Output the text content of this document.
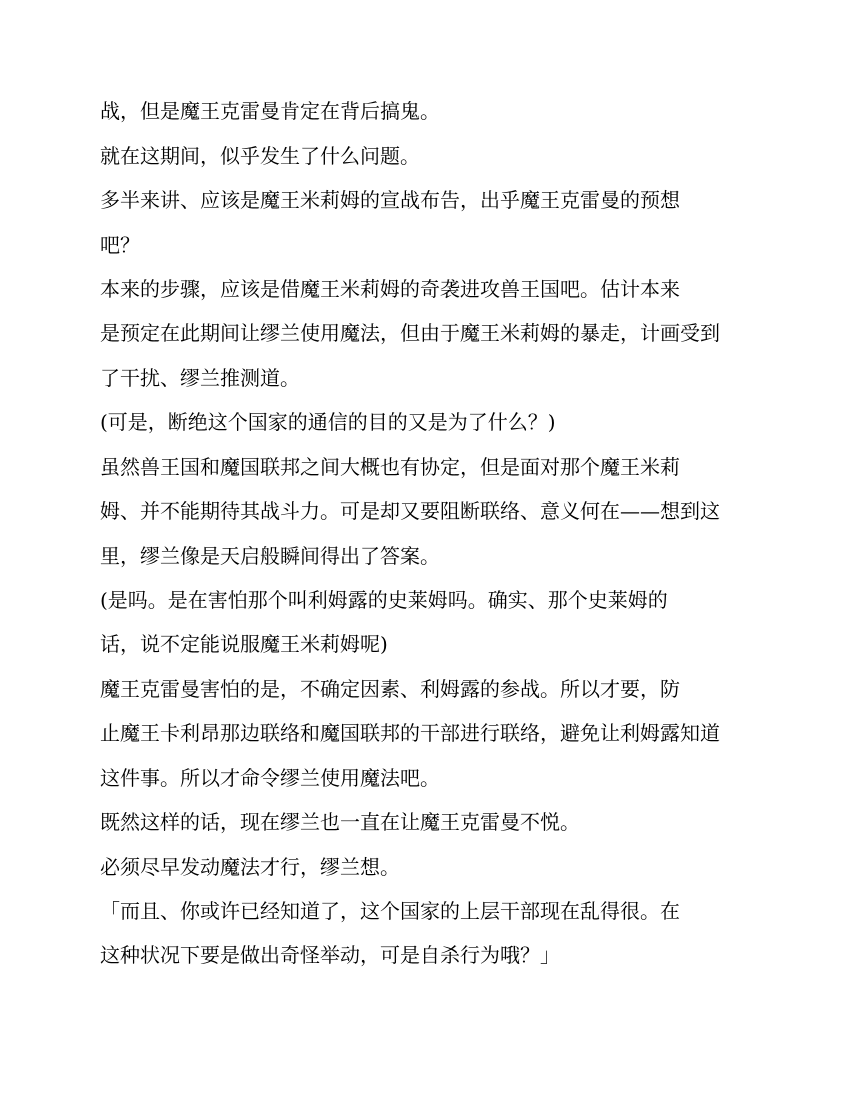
战，但是魔王克雷曼肯定在背后搞鬼。
就在这期间，似乎发生了什么问题。
多半来讲、应该是魔王米莉姆的宣战布告，出乎魔王克雷曼的预想
吧？
本来的步骤，应该是借魔王米莉姆的奇袭进攻兽王国吧。估计本来
是预定在此期间让缪兰使用魔法，但由于魔王米莉姆的暴走，计画受到
了干扰、缪兰推测道。
(可是，断绝这个国家的通信的目的又是为了什么？)
虽然兽王国和魔国联邦之间大概也有协定，但是面对那个魔王米莉
姆、并不能期待其战斗力。可是却又要阻断联络、意义何在——想到这
里，缪兰像是天启般瞬间得出了答案。
(是吗。是在害怕那个叫利姆露的史莱姆吗。确实、那个史莱姆的
话，说不定能说服魔王米莉姆呢)
魔王克雷曼害怕的是，不确定因素、利姆露的参战。所以才要，防
止魔王卡利昂那边联络和魔国联邦的干部进行联络，避免让利姆露知道
这件事。所以才命令缪兰使用魔法吧。
既然这样的话，现在缪兰也一直在让魔王克雷曼不悦。
必须尽早发动魔法才行，缪兰想。
「而且、你或许已经知道了，这个国家的上层干部现在乱得很。在
这种状况下要是做出奇怪举动，可是自杀行为哦？」
